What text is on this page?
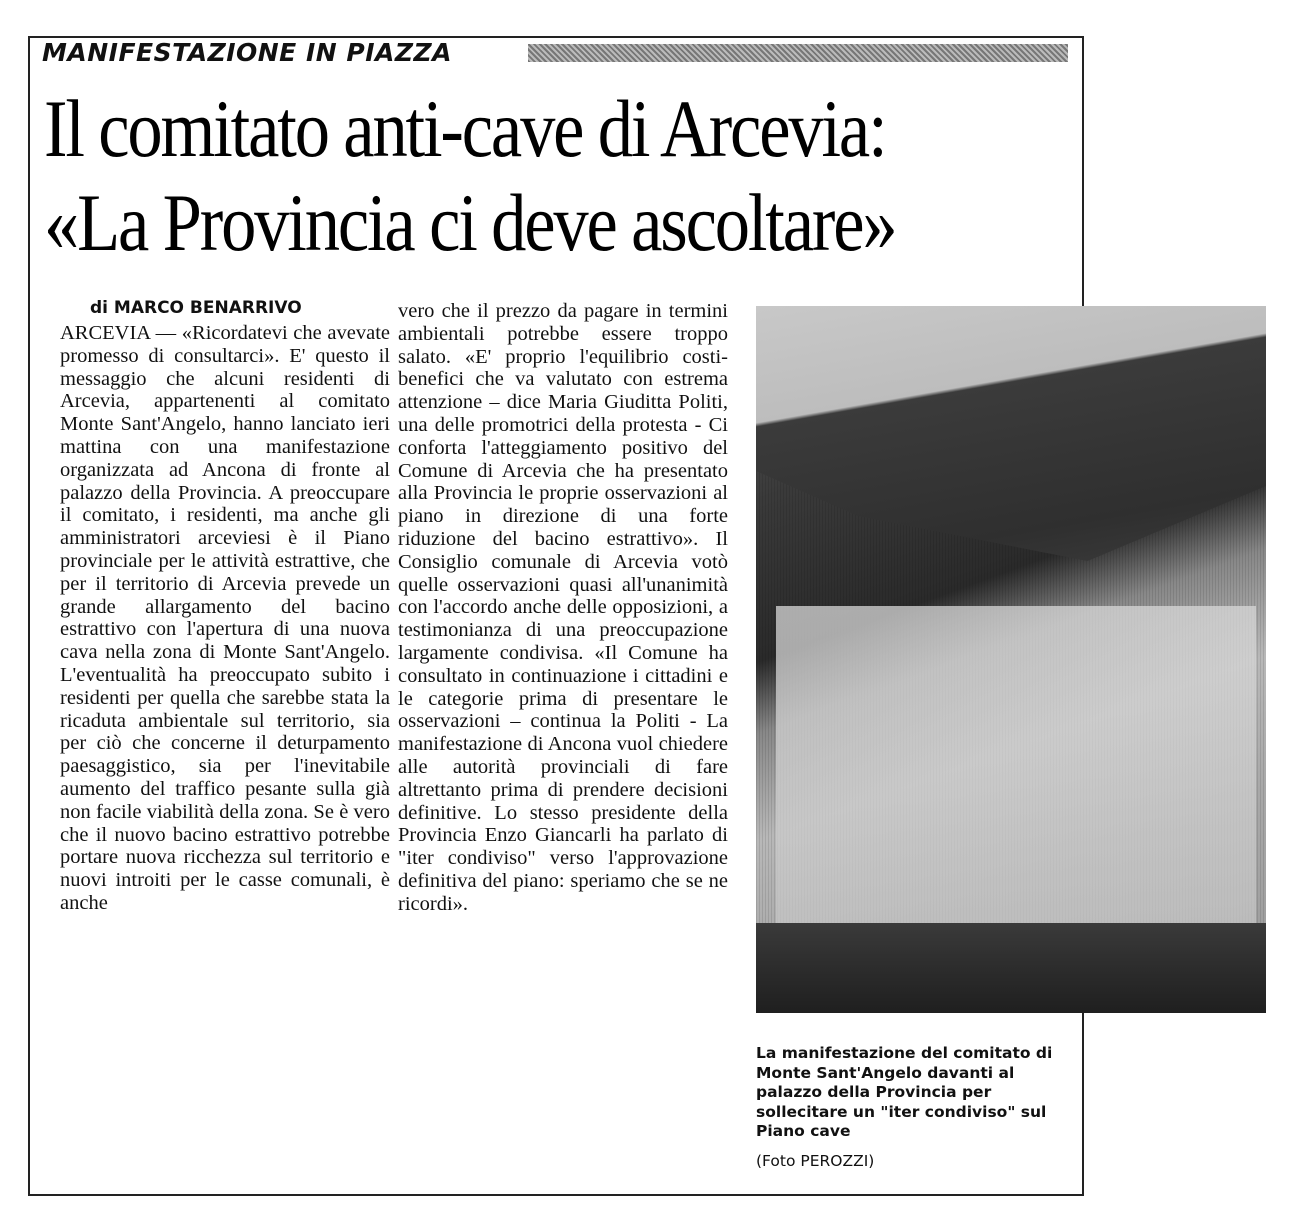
MANIFESTAZIONE IN PIAZZA
Il comitato anti-cave di Arcevia:
«La Provincia ci deve ascoltare»
di MARCO BENARRIVO

ARCEVIA — «Ricordatevi che avevate promesso di consultarci». E' questo il messaggio che alcuni residenti di Arcevia, appartenenti al comitato Monte Sant'Angelo, hanno lanciato ieri mattina con una manifestazione organizzata ad Ancona di fronte al palazzo della Provincia. A preoccupare il comitato, i residenti, ma anche gli amministratori arceviesi è il Piano provinciale per le attività estrattive, che per il territorio di Arcevia prevede un grande allargamento del bacino estrattivo con l'apertura di una nuova cava nella zona di Monte Sant'Angelo. L'eventualità ha preoccupato subito i residenti per quella che sarebbe stata la ricaduta ambientale sul territorio, sia per ciò che concerne il deturpamento paesaggistico, sia per l'inevitabile aumento del traffico pesante sulla già non facile viabilità della zona. Se è vero che il nuovo bacino estrattivo potrebbe portare nuova ricchezza sul territorio e nuovi introiti per le casse comunali, è anche

vero che il prezzo da pagare in termini ambientali potrebbe essere troppo salato. «E' proprio l'equilibrio costi-benefici che va valutato con estrema attenzione – dice Maria Giuditta Politi, una delle promotrici della protesta - Ci conforta l'atteggiamento positivo del Comune di Arcevia che ha presentato alla Provincia le proprie osservazioni al piano in direzione di una forte riduzione del bacino estrattivo». Il Consiglio comunale di Arcevia votò quelle osservazioni quasi all'unanimità con l'accordo anche delle opposizioni, a testimonianza di una preoccupazione largamente condivisa. «Il Comune ha consultato in continuazione i cittadini e le categorie prima di presentare le osservazioni – continua la Politi - La manifestazione di Ancona vuol chiedere alle autorità provinciali di fare altrettanto prima di prendere decisioni definitive. Lo stesso presidente della Provincia Enzo Giancarli ha parlato di "iter condiviso" verso l'approvazione definitiva del piano: speriamo che se ne ricordi».

La manifestazione del comitato di Monte Sant'Angelo davanti al palazzo della Provincia per sollecitare un "iter condiviso" sul Piano cave

(Foto PEROZZI)
